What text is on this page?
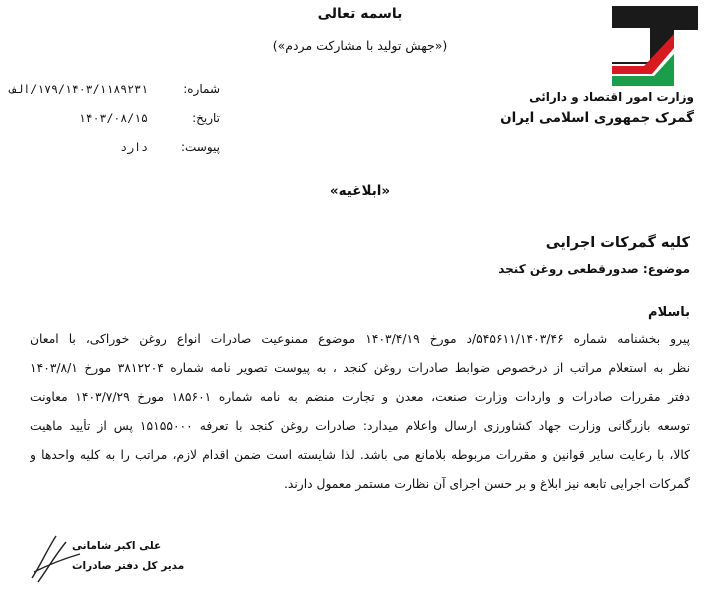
باسمه تعالی
(«جهش تولید با مشارکت مردم»)
وزارت امور اقتصاد و دارائی
گمرک جمهوری اسلامی ایران
شماره:
۱۷۹/۱۴۰۳/۱۱۸۹۲۳۱/الف
تاریخ:
۱۴۰۳/۰۸/۱۵
پیوست:
دارد
«ابلاغیه»
کلیه گمرکات اجرایی
موضوع: صدورقطعی روغن کنجد
باسلام
پیرو بخشنامه شماره ۵۴۵۶۱۱/۱۴۰۳/۴۶/د مورخ ۱۴۰۳/۴/۱۹ موضوع ممنوعیت صادرات انواع روغن خوراکی، با امعان
نظر به استعلام مراتب از درخصوص ضوابط صادرات روغن کنجد ، به پیوست تصویر نامه شماره ۳۸۱۲۲۰۴ مورخ ۱۴۰۳/۸/۱
دفتر مقررات صادرات و واردات وزارت صنعت، معدن و تجارت منضم به نامه شماره ۱۸۵۶۰۱ مورخ ۱۴۰۳/۷/۲۹ معاونت
توسعه بازرگانی وزارت جهاد کشاورزی ارسال واعلام میدارد: صادرات روغن کنجد با تعرفه ۱۵۱۵۵۰۰۰ پس از تأیید ماهیت
کالا، با رعایت سایر قوانین و مقررات مربوطه بلامانع می باشد. لذا شایسته است ضمن اقدام لازم، مراتب را به کلیه واحدها و
گمرکات اجرایی تابعه نیز ابلاغ و بر حسن اجرای آن نظارت مستمر معمول دارند.
علی اکبر شامانی
مدیر کل دفتر صادرات
